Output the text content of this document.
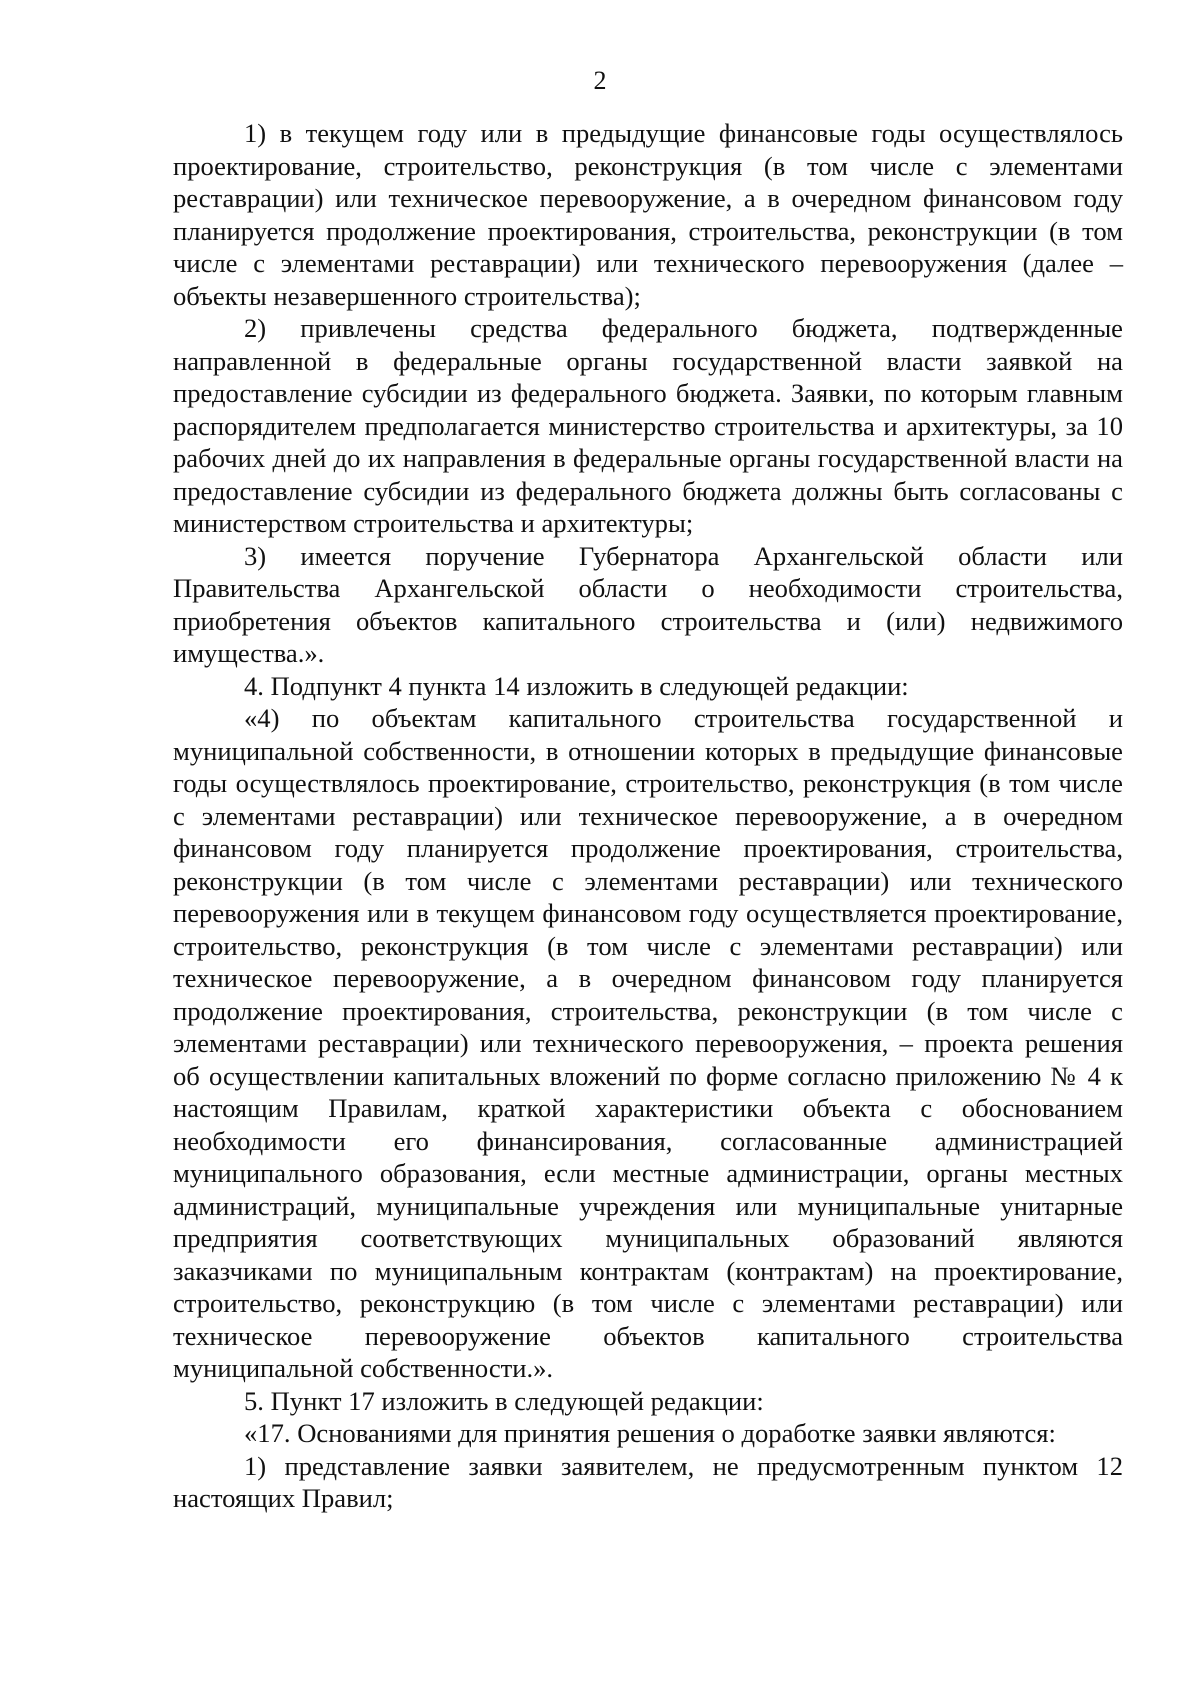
2

1) в текущем году или в предыдущие финансовые годы осуществлялось проектирование, строительство, реконструкция (в том числе с элементами реставрации) или техническое перевооружение, а в очередном финансовом году планируется продолжение проектирования, строительства, реконструкции (в том числе с элементами реставрации) или технического перевооружения (далее – объекты незавершенного строительства);

2) привлечены средства федерального бюджета, подтвержденные направленной в федеральные органы государственной власти заявкой на предоставление субсидии из федерального бюджета. Заявки, по которым главным распорядителем предполагается министерство строительства и архитектуры, за 10 рабочих дней до их направления в федеральные органы государственной власти на предоставление субсидии из федерального бюджета должны быть согласованы с министерством строительства и архитектуры;

3) имеется поручение Губернатора Архангельской области или Правительства Архангельской области о необходимости строительства, приобретения объектов капитального строительства и (или) недвижимого имущества.».

4. Подпункт 4 пункта 14 изложить в следующей редакции:

«4) по объектам капитального строительства государственной и муниципальной собственности, в отношении которых в предыдущие финансовые годы осуществлялось проектирование, строительство, реконструкция (в том числе с элементами реставрации) или техническое перевооружение, а в очередном финансовом году планируется продолжение проектирования, строительства, реконструкции (в том числе с элементами реставрации) или технического перевооружения или в текущем финансовом году осуществляется проектирование, строительство, реконструкция (в том числе с элементами реставрации) или техническое перевооружение, а в очередном финансовом году планируется продолжение проектирования, строительства, реконструкции (в том числе с элементами реставрации) или технического перевооружения, – проекта решения об осуществлении капитальных вложений по форме согласно приложению № 4 к настоящим Правилам, краткой характеристики объекта с обоснованием необходимости его финансирования, согласованные администрацией муниципального образования, если местные администрации, органы местных администраций, муниципальные учреждения или муниципальные унитарные предприятия соответствующих муниципальных образований являются заказчиками по муниципальным контрактам (контрактам) на проектирование, строительство, реконструкцию (в том числе с элементами реставрации) или техническое перевооружение объектов капитального строительства муниципальной собственности.».

5. Пункт 17 изложить в следующей редакции:

«17. Основаниями для принятия решения о доработке заявки являются:

1) представление заявки заявителем, не предусмотренным пунктом 12 настоящих Правил;
